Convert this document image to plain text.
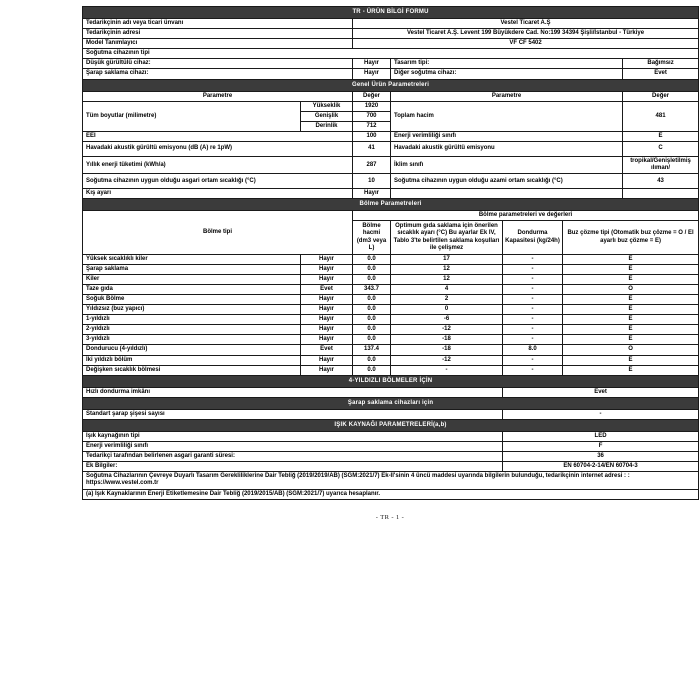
TR - ÜRÜN BİLGİ FORMU						
Tedarikçinin adı veya ticari ünvanı		Vestel Ticaret A.Ş				
Tedarikçinin adresi		Vestel Ticaret A.Ş. Levent 199 Büyükdere Cad. No:199 34394 Şişli/İstanbul - Türkiye				
Model Tanımlayıcı		VF CF 5402				
Soğutma cihazının tipi						
Düşük gürültülü cihaz:		Hayır	Tasarım tipi:			Bağımsız
Şarap saklama cihazı:		Hayır	Diğer soğutma cihazı:			Evet
Genel Ürün Parametreleri						
Parametre		Değer	Parametre			Değer
Tüm boyutlar (milimetre)	Yükseklik	1920	Toplam hacim			481
	Genişlik	700				
	Derinlik	712				
EEI		100	Enerji verimliliği sınıfı			E
Havadaki akustik gürültü emisyonu (dB (A) re 1pW)		41	Havadaki akustik gürültü emisyonu			C
Yıllık enerji tüketimi (kWh/a)		287	İklim sınıfı			tropikal/Genişletilmiş ılıman/
Soğutma cihazının uygun olduğu asgari ortam sıcaklığı (°C)		10	Soğutma cihazının uygun olduğu azami ortam sıcaklığı (°C)			43
Kış ayarı		Hayır				
Bölme Parametreleri						
Bölme tipi		Bölme parametreleri ve değerleri				
		Bölme hacmi (dm3 veya L)	Optimum gıda saklama için önerilen sıcaklık ayarı (°C) Bu ayarlar Ek IV, Tablo 3'te belirtilen saklama koşulları ile çelişmez	Dondurma Kapasitesi (kg/24h)	Buz çözme tipi (Otomatik buz çözme = O / El ayarlı buz çözme = E)	
Yüksek sıcaklıklı kiler	Hayır	0.0	17	-	E	
Şarap saklama	Hayır	0.0	12	-	E	
Kiler	Hayır	0.0	12	-	E	
Taze gıda	Evet	343.7	4	-	O	
Soğuk Bölme	Hayır	0.0	2	-	E	
Yıldızsız (buz yapıcı)	Hayır	0.0	0	-	E	
1-yıldızlı	Hayır	0.0	-6	-	E	
2-yıldızlı	Hayır	0.0	-12	-	E	
3-yıldızlı	Hayır	0.0	-18	-	E	
Dondurucu (4-yıldızlı)	Evet	137.4	-18	8.0	O	
İki yıldızlı bölüm	Hayır	0.0	-12	-	E	
Değişken sıcaklık bölmesi	Hayır	0.0	-	-	E	
4-YILDIZLI BÖLMELER İÇİN						
Hızlı dondurma imkânı				Evet		
Şarap saklama cihazları için						
Standart şarap şişesi sayısı				-		
IŞIK KAYNAĞI PARAMETRELERİ(a,b)						
Işık kaynağının tipi				LED		
Enerji verimliliği sınıfı				F		
Tedarikçi tarafından belirlenen asgari garanti süresi:				36		
Ek Bilgiler:				EN 60704-2-14/EN 60704-3		
Soğutma Cihazlarının Çevreye Duyarlı Tasarım Gerekliliklerine Dair Tebliğ (2019/2019/AB) (SGM:2021/7) Ek-II'sinin 4 üncü maddesi uyarında bilgilerin bulunduğu, tedarikçinin internet adresi : : https://www.vestel.com.tr						
(a) Işık Kaynaklarının Enerji Etiketlemesine Dair Tebliğ (2019/2015/AB) (SGM:2021/7) uyarıca hesaplanır.						
- TR - 1 -
